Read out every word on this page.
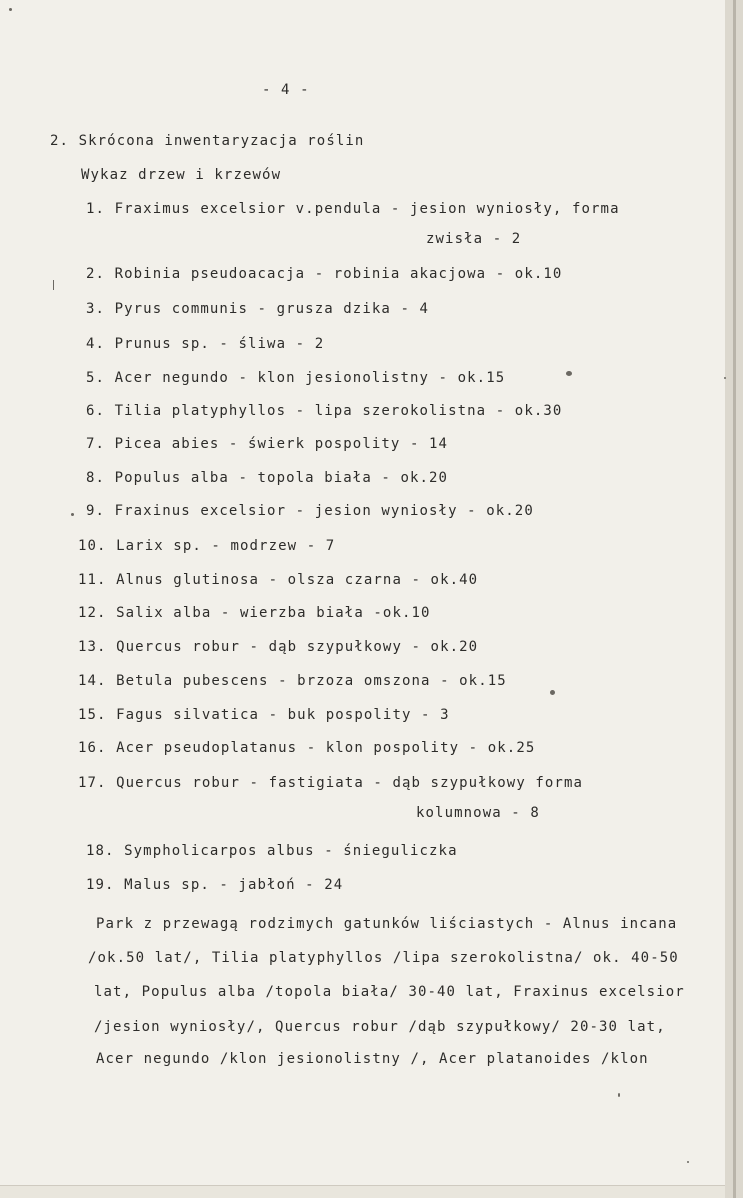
- 4 -
2. Skrócona inwentaryzacja roślin
Wykaz drzew i krzewów
1. Fraximus excelsior v.pendula - jesion wyniosły, forma
zwisła - 2
2. Robinia pseudoacacja - robinia akacjowa - ok.10
3. Pyrus communis - grusza dzika - 4
4. Prunus sp. - śliwa - 2
5. Acer negundo - klon jesionolistny - ok.15
6. Tilia platyphyllos - lipa szerokolistna - ok.30
7. Picea abies - świerk pospolity - 14
8. Populus alba - topola biała - ok.20
9. Fraxinus excelsior - jesion wyniosły - ok.20
10. Larix sp. - modrzew - 7
11. Alnus glutinosa - olsza czarna - ok.40
12. Salix alba - wierzba biała -ok.10
13. Quercus robur - dąb szypułkowy - ok.20
14. Betula pubescens - brzoza omszona - ok.15
15. Fagus silvatica - buk pospolity - 3
16. Acer pseudoplatanus - klon pospolity - ok.25
17. Quercus robur - fastigiata - dąb szypułkowy forma
kolumnowa - 8
18. Sympholicarpos albus - śnieguliczka
19. Malus sp. - jabłoń - 24
Park z przewagą rodzimych gatunków liściastych - Alnus incana
/ok.50 lat/, Tilia platyphyllos /lipa szerokolistna/ ok. 40-50
lat, Populus alba /topola biała/ 30-40 lat, Fraxinus excelsior
/jesion wyniosły/, Quercus robur /dąb szypułkowy/ 20-30 lat,
Acer negundo /klon jesionolistny /, Acer platanoides /klon
